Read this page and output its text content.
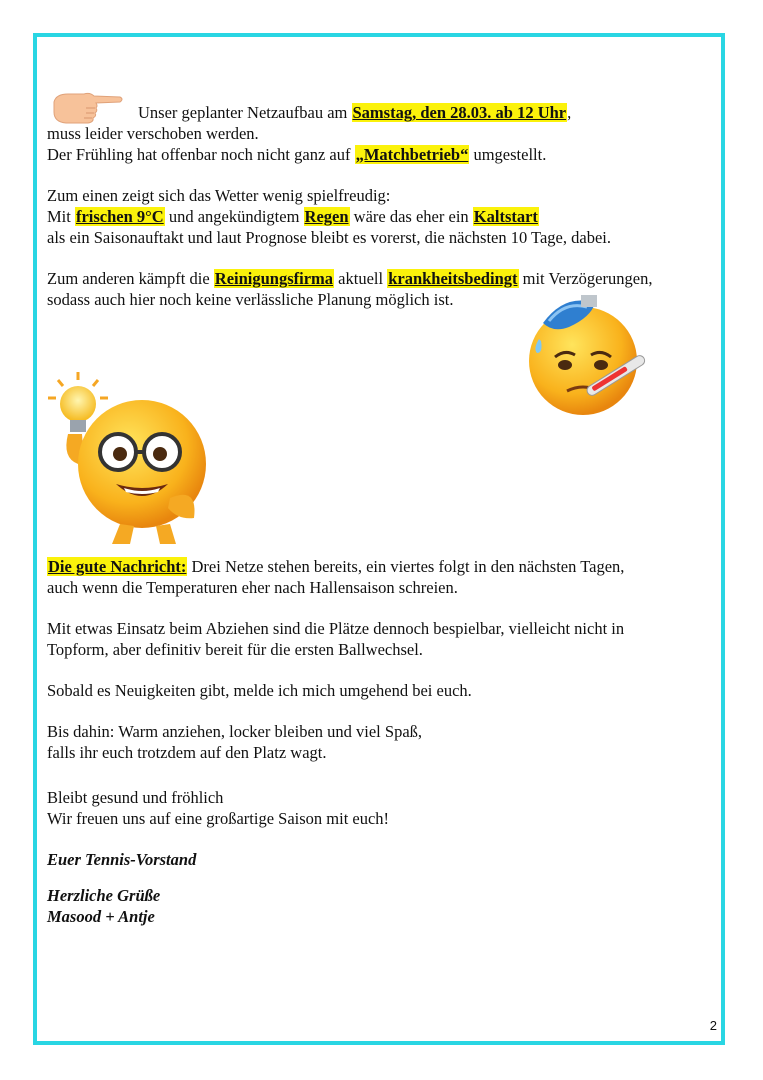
Unser geplanter Netzaufbau am Samstag, den 28.03. ab 12 Uhr,
muss leider verschoben werden.
Der Frühling hat offenbar noch nicht ganz auf „Matchbetrieb“ umgestellt.
Zum einen zeigt sich das Wetter wenig spielfreudig:
Mit frischen 9°C und angekündigtem Regen wäre das eher ein Kaltstart
als ein Saisonauftakt und laut Prognose bleibt es vorerst, die nächsten 10 Tage, dabei.
Zum anderen kämpft die Reinigungsfirma aktuell krankheitsbedingt mit Verzögerungen,
sodass auch hier noch keine verlässliche Planung möglich ist.
Die gute Nachricht: Drei Netze stehen bereits, ein viertes folgt in den nächsten Tagen,
auch wenn die Temperaturen eher nach Hallensaison schreien.
Mit etwas Einsatz beim Abziehen sind die Plätze dennoch bespielbar, vielleicht nicht in
Topform, aber definitiv bereit für die ersten Ballwechsel.
Sobald es Neuigkeiten gibt, melde ich mich umgehend bei euch.
Bis dahin: Warm anziehen, locker bleiben und viel Spaß,
falls ihr euch trotzdem auf den Platz wagt.
Bleibt gesund und fröhlich
Wir freuen uns auf eine großartige Saison mit euch!
Euer Tennis-Vorstand
Herzliche Grüße
Masood + Antje
2
